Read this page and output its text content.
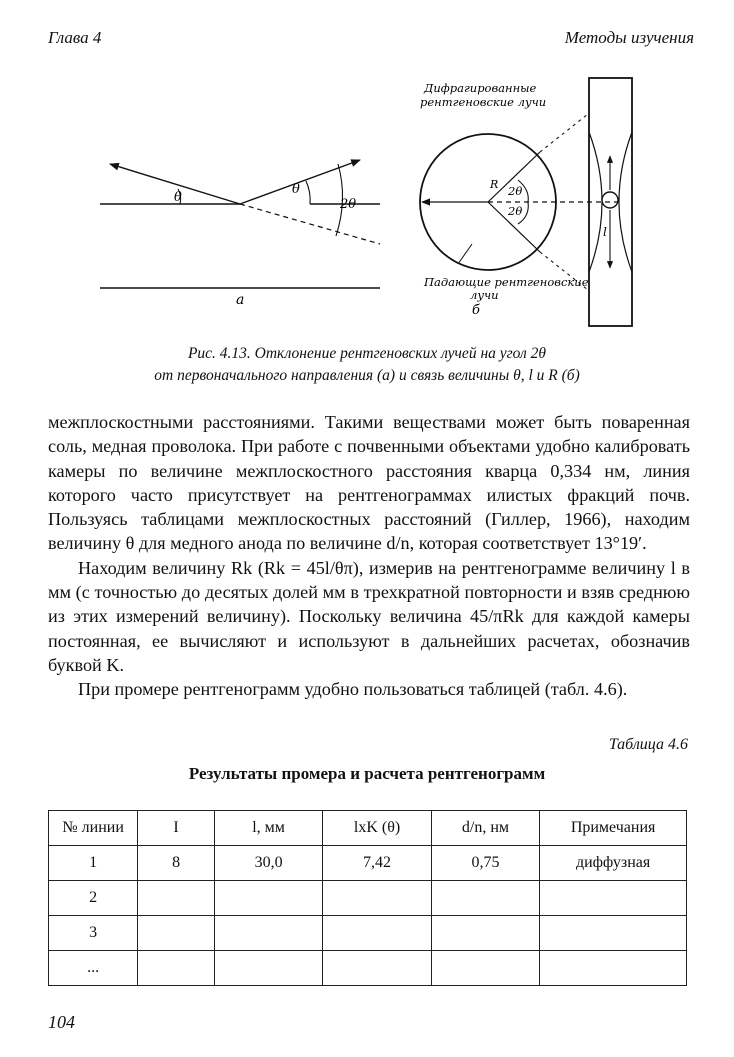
Глава 4	Методы изучения
θ
θ
2θ
а
Дифрагированные
рентгеновские лучи
R 2θ
2θ
l
Падающие рентгеновские
лучи
б
Рис. 4.13. Отклонение рентгеновских лучей на угол 2θ
от первоначального направления (а) и связь величины θ, l и R (б)

межплоскостными расстояниями. Такими веществами может быть поваренная соль, медная проволока. При работе с почвенными объектами удобно калибровать камеры по величине межплоскостного расстояния кварца 0,334 нм, линия которого часто присутствует на рентгенограммах илистых фракций почв. Пользуясь таблицами межплоскостных расстояний (Гиллер, 1966), находим величину θ для медного анода по величине d/n, которая соответствует 13°19′.

Находим величину Rk (Rk = 45l/θπ), измерив на рентгенограмме величину l в мм (с точностью до десятых долей мм в трехкратной повторности и взяв среднюю из этих измерений величину). Поскольку величина 45/πRk для каждой камеры постоянная, ее вычисляют и используют в дальнейших расчетах, обозначив буквой K.

При промере рентгенограмм удобно пользоваться таблицей (табл. 4.6).

Таблица 4.6
Результаты промера и расчета рентгенограмм
№ линии	I	l, мм	lxK (θ)	d/n, нм	Примечания
1	8	30,0	7,42	0,75	диффузная
2					
3					
...					
104
